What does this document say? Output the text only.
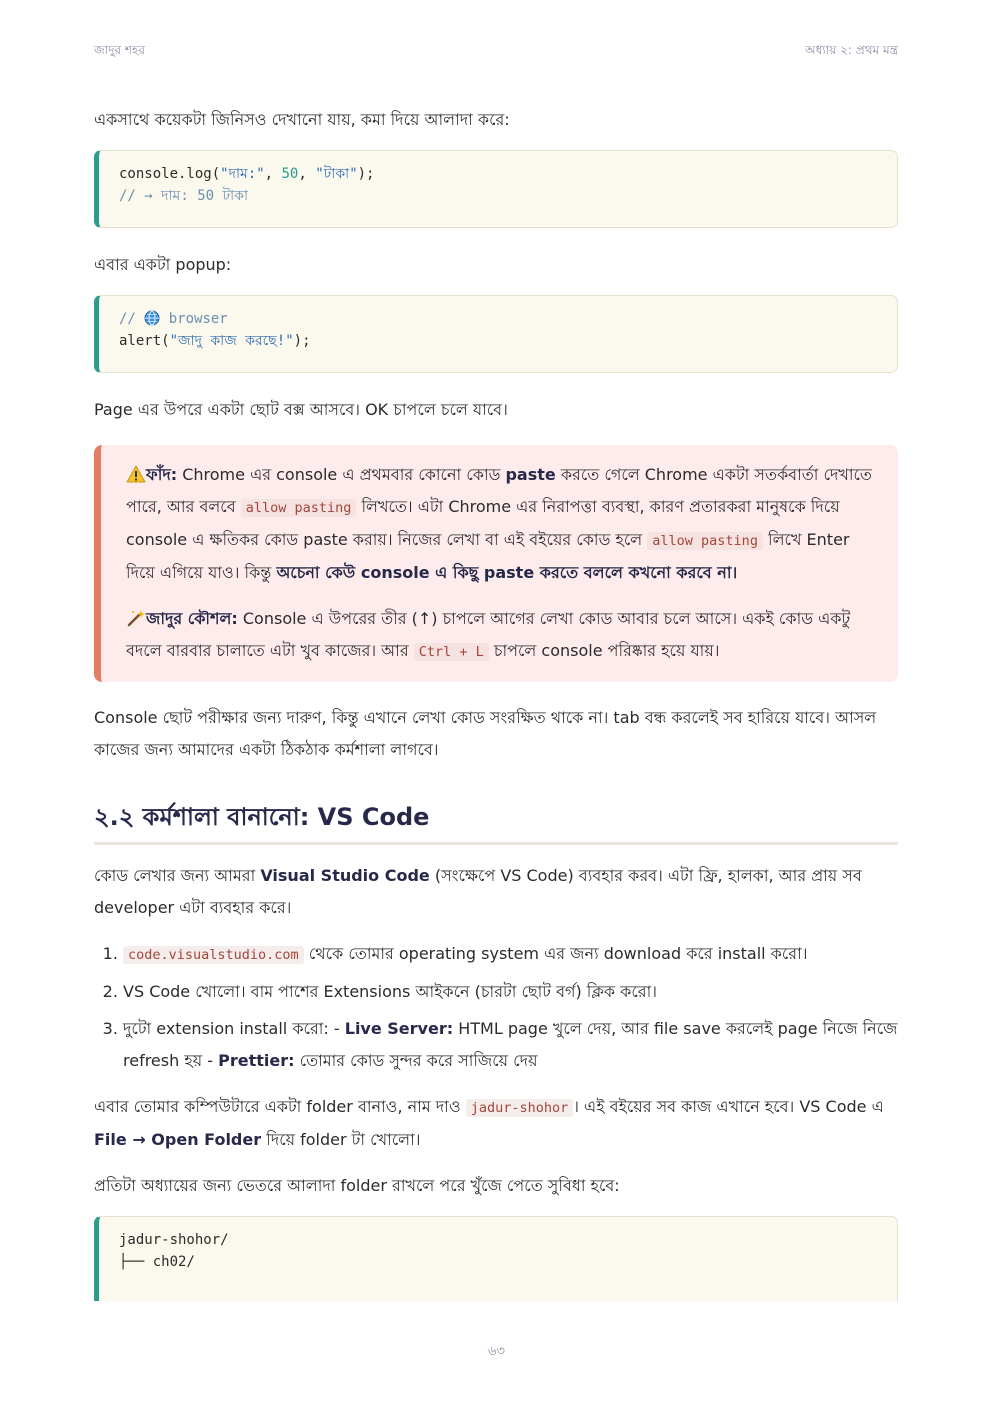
জাদুর শহর	অধ্যায় ২: প্রথম মন্ত্র

একসাথে কয়েকটা জিনিসও দেখানো যায়, কমা দিয়ে আলাদা করে:

console.log("দাম:", 50, "টাকা");
// → দাম: 50 টাকা

এবার একটা popup:

//  browser
alert("জাদু কাজ করছে!");

Page এর উপরে একটা ছোট বক্স আসবে। OK চাপলে চলে যাবে।

ফাঁদ: Chrome এর console এ প্রথমবার কোনো কোড paste করতে গেলে Chrome একটা সতর্কবার্তা দেখাতে পারে, আর বলবে allow pasting লিখতে। এটা Chrome এর নিরাপত্তা ব্যবস্থা, কারণ প্রতারকরা মানুষকে দিয়ে console এ ক্ষতিকর কোড paste করায়। নিজের লেখা বা এই বইয়ের কোড হলে allow pasting লিখে Enter দিয়ে এগিয়ে যাও। কিন্তু অচেনা কেউ console এ কিছু paste করতে বললে কখনো করবে না।

জাদুর কৌশল: Console এ উপরের তীর (↑) চাপলে আগের লেখা কোড আবার চলে আসে। একই কোড একটু বদলে বারবার চালাতে এটা খুব কাজের। আর Ctrl + L চাপলে console পরিষ্কার হয়ে যায়।

Console ছোট পরীক্ষার জন্য দারুণ, কিন্তু এখানে লেখা কোড সংরক্ষিত থাকে না। tab বন্ধ করলেই সব হারিয়ে যাবে। আসল কাজের জন্য আমাদের একটা ঠিকঠাক কর্মশালা লাগবে।

২.২ কর্মশালা বানানো: VS Code

কোড লেখার জন্য আমরা Visual Studio Code (সংক্ষেপে VS Code) ব্যবহার করব। এটা ফ্রি, হালকা, আর প্রায় সব developer এটা ব্যবহার করে।

1. code.visualstudio.com থেকে তোমার operating system এর জন্য download করে install করো।
2. VS Code খোলো। বাম পাশের Extensions আইকনে (চারটা ছোট বর্গ) ক্লিক করো।
3. দুটো extension install করো: - Live Server: HTML page খুলে দেয়, আর file save করলেই page নিজে নিজে refresh হয় - Prettier: তোমার কোড সুন্দর করে সাজিয়ে দেয়

এবার তোমার কম্পিউটারে একটা folder বানাও, নাম দাও jadur-shohor । এই বইয়ের সব কাজ এখানে হবে। VS Code এ File → Open Folder দিয়ে folder টা খোলো।

প্রতিটা অধ্যায়ের জন্য ভেতরে আলাদা folder রাখলে পরে খুঁজে পেতে সুবিধা হবে:

jadur-shohor/
├── ch02/
৬৩
